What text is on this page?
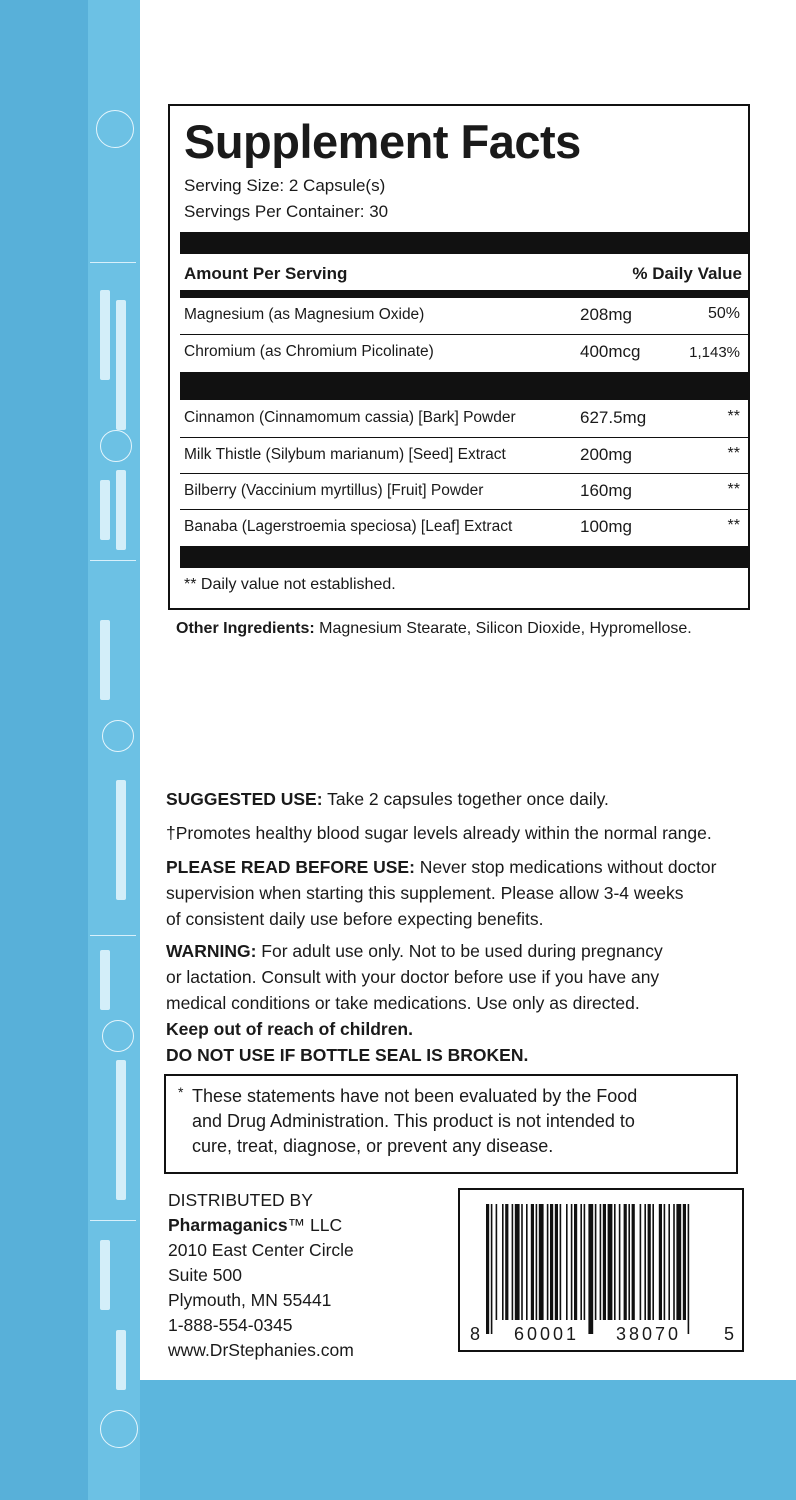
Supplement Facts
Serving Size: 2 Capsule(s)
Servings Per Container: 30
Amount Per Serving	% Daily Value
Magnesium (as Magnesium Oxide)	208mg	50%
Chromium (as Chromium Picolinate)	400mcg	1,143%
Cinnamon (Cinnamomum cassia) [Bark] Powder	627.5mg	**
Milk Thistle (Silybum marianum) [Seed] Extract	200mg	**
Bilberry (Vaccinium myrtillus) [Fruit] Powder	160mg	**
Banaba (Lagerstroemia speciosa) [Leaf] Extract	100mg	**
** Daily value not established.
Other Ingredients: Magnesium Stearate, Silicon Dioxide, Hypromellose.
SUGGESTED USE: Take 2 capsules together once daily.
†Promotes healthy blood sugar levels already within the normal range.
PLEASE READ BEFORE USE: Never stop medications without doctor
supervision when starting this supplement. Please allow 3-4 weeks
of consistent daily use before expecting benefits.
WARNING: For adult use only. Not to be used during pregnancy
or lactation. Consult with your doctor before use if you have any
medical conditions or take medications. Use only as directed.
Keep out of reach of children.
DO NOT USE IF BOTTLE SEAL IS BROKEN.
* These statements have not been evaluated by the Food
and Drug Administration. This product is not intended to
cure, treat, diagnose, or prevent any disease.
DISTRIBUTED BY
Pharmaganics™ LLC
2010 East Center Circle
Suite 500
Plymouth, MN 55441
1-888-554-0345
www.DrStephanies.com
8 60001 38070 5
